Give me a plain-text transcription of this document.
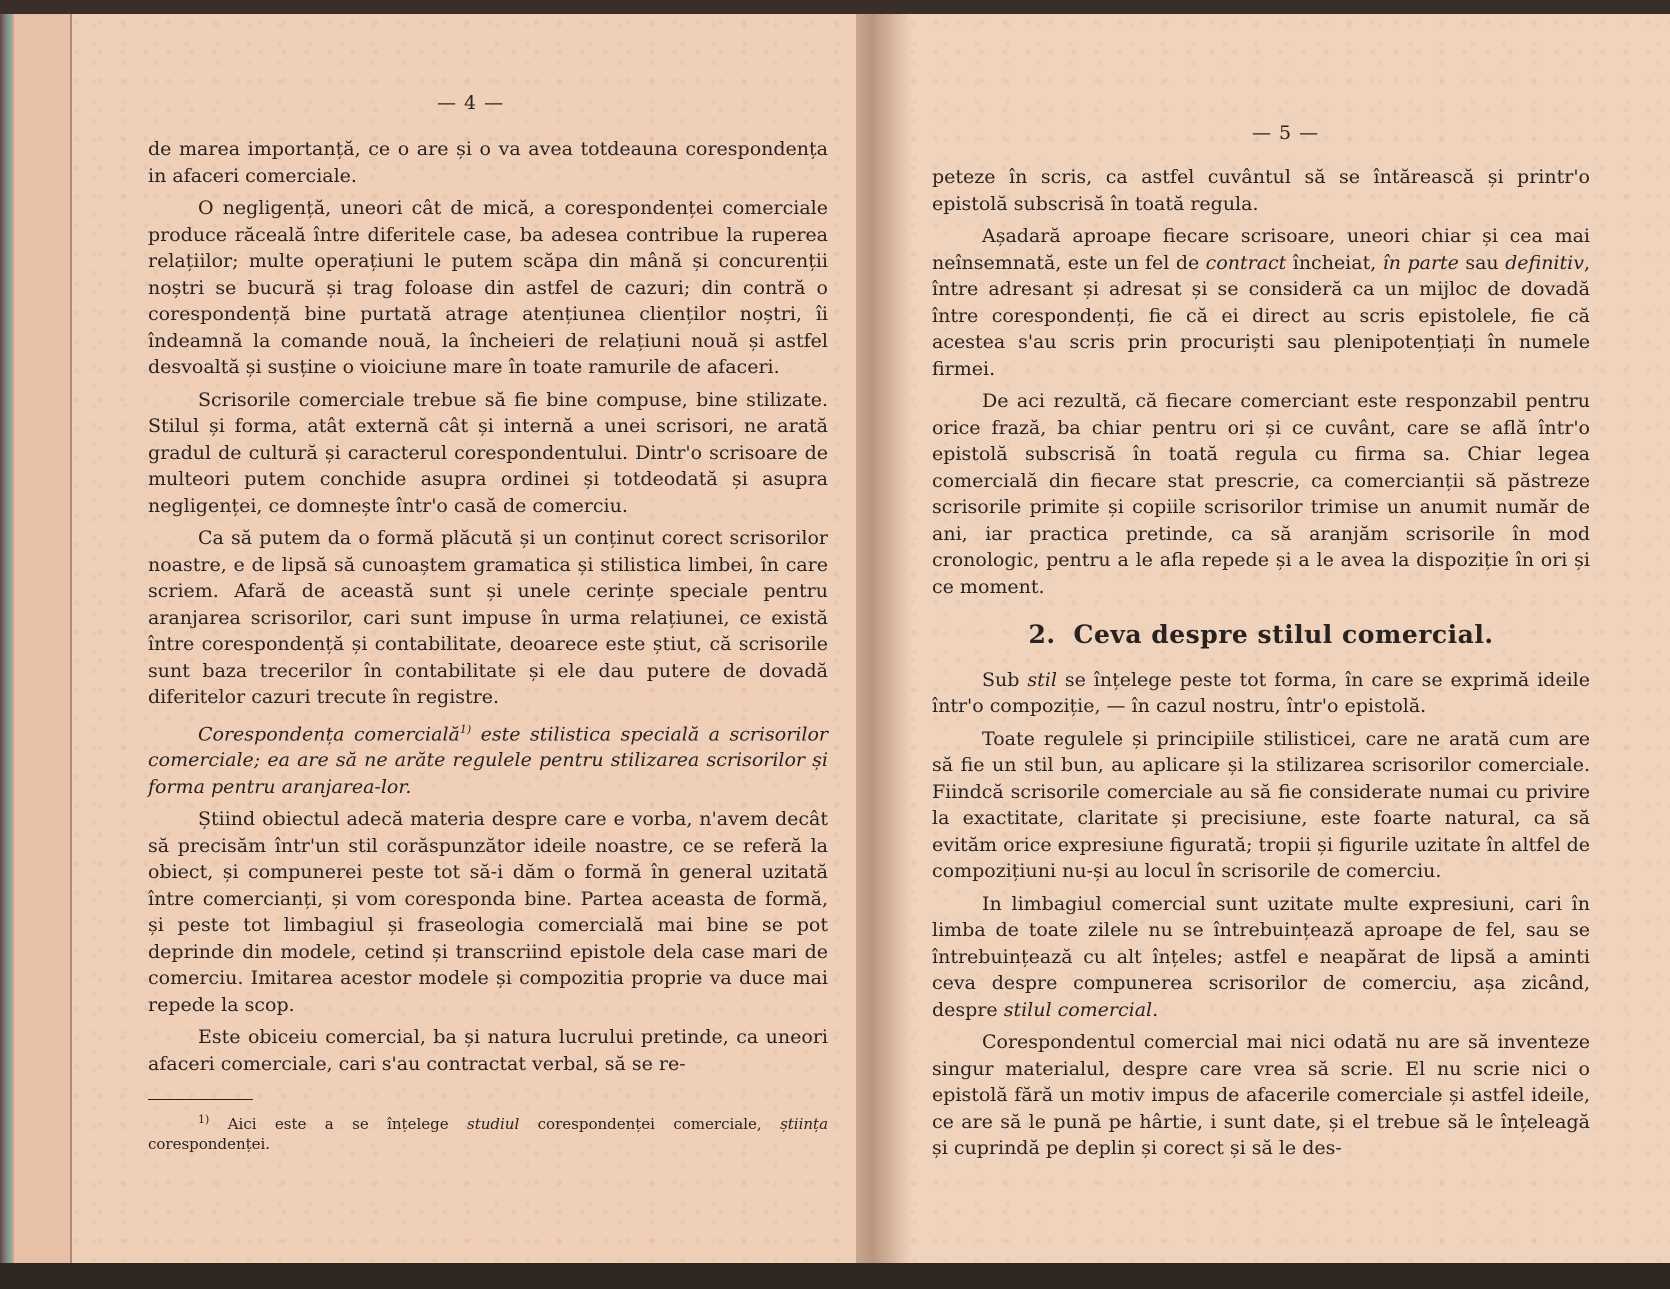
— 4 —

de marea importanță, ce o are și o va avea totdeauna corespondența in afaceri comerciale.

O negligență, uneori cât de mică, a corespondenței comerciale produce răceală între diferitele case, ba adesea contribue la ruperea relațiilor; multe operațiuni le putem scăpa din mână și concurenții noștri se bucură și trag foloase din astfel de cazuri; din contră o corespondență bine purtată atrage atențiunea clienților noștri, îi îndeamnă la comande nouă, la încheieri de relațiuni nouă și astfel desvoaltă și susține o vioiciune mare în toate ramurile de afaceri.

Scrisorile comerciale trebue să fie bine compuse, bine stilizate. Stilul și forma, atât externă cât și internă a unei scrisori, ne arată gradul de cultură și caracterul corespondentului. Dintr'o scrisoare de multeori putem conchide asupra ordinei și totdeodată și asupra negligenței, ce domnește într'o casă de comerciu.

Ca să putem da o formă plăcută și un conținut corect scrisorilor noastre, e de lipsă să cunoaștem gramatica și stilistica limbei, în care scriem. Afară de această sunt și unele cerințe speciale pentru aranjarea scrisorilor, cari sunt impuse în urma relațiunei, ce există între corespondență și contabilitate, deoarece este știut, că scrisorile sunt baza trecerilor în contabilitate și ele dau putere de dovadă diferitelor cazuri trecute în registre.

Corespondența comercială$^{1)}$ este stilistica specială a scrisorilor comerciale; ea are să ne arăte regulele pentru stilizarea scrisorilor și forma pentru aranjarea-lor.

Știind obiectul adecă materia despre care e vorba, n'avem decât să precisăm într'un stil corăspunzător ideile noastre, ce se referă la obiect, și compunerei peste tot să-i dăm o formă în general uzitată între comercianți, și vom coresponda bine. Partea aceasta de formă, și peste tot limbagiul și fraseologia comercială mai bine se pot deprinde din modele, cetind și transcriind epistole dela case mari de comerciu. Imitarea acestor modele și compozitia proprie va duce mai repede la scop.

Este obiceiu comercial, ba și natura lucrului pretinde, ca uneori afaceri comerciale, cari s'au contractat verbal, să se re-

$^{1)}$ Aici este a se înțelege studiul corespondenței comerciale, știința corespondenței.

— 5 —

peteze în scris, ca astfel cuvântul să se întărească și printr'o epistolă subscrisă în toată regula.

Așadară aproape fiecare scrisoare, uneori chiar și cea mai neînsemnată, este un fel de contract încheiat, în parte sau definitiv, între adresant și adresat și se consideră ca un mijloc de dovadă între corespondenți, fie că ei direct au scris epistolele, fie că acestea s'au scris prin procuriști sau plenipotențiați în numele firmei.

De aci rezultă, că fiecare comerciant este responzabil pentru orice frază, ba chiar pentru ori și ce cuvânt, care se află într'o epistolă subscrisă în toată regula cu firma sa. Chiar legea comercială din fiecare stat prescrie, ca comercianții să păstreze scrisorile primite și copiile scrisorilor trimise un anumit număr de ani, iar practica pretinde, ca să aranjăm scrisorile în mod cronologic, pentru a le afla repede și a le avea la dispoziție în ori și ce moment.

2. Ceva despre stilul comercial.

Sub stil se înțelege peste tot forma, în care se exprimă ideile într'o compoziție, — în cazul nostru, într'o epistolă.

Toate regulele și principiile stilisticei, care ne arată cum are să fie un stil bun, au aplicare și la stilizarea scrisorilor comerciale. Fiindcă scrisorile comerciale au să fie considerate numai cu privire la exactitate, claritate și precisiune, este foarte natural, ca să evităm orice expresiune figurată; tropii și figurile uzitate în altfel de compozițiuni nu-și au locul în scrisorile de comerciu.

In limbagiul comercial sunt uzitate multe expresiuni, cari în limba de toate zilele nu se întrebuințează aproape de fel, sau se întrebuințează cu alt înțeles; astfel e neapărat de lipsă a aminti ceva despre compunerea scrisorilor de comerciu, așa zicând, despre stilul comercial.

Corespondentul comercial mai nici odată nu are să inventeze singur materialul, despre care vrea să scrie. El nu scrie nici o epistolă fără un motiv impus de afacerile comerciale și astfel ideile, ce are să le pună pe hârtie, i sunt date, și el trebue să le înțeleagă și cuprindă pe deplin și corect și să le des-
